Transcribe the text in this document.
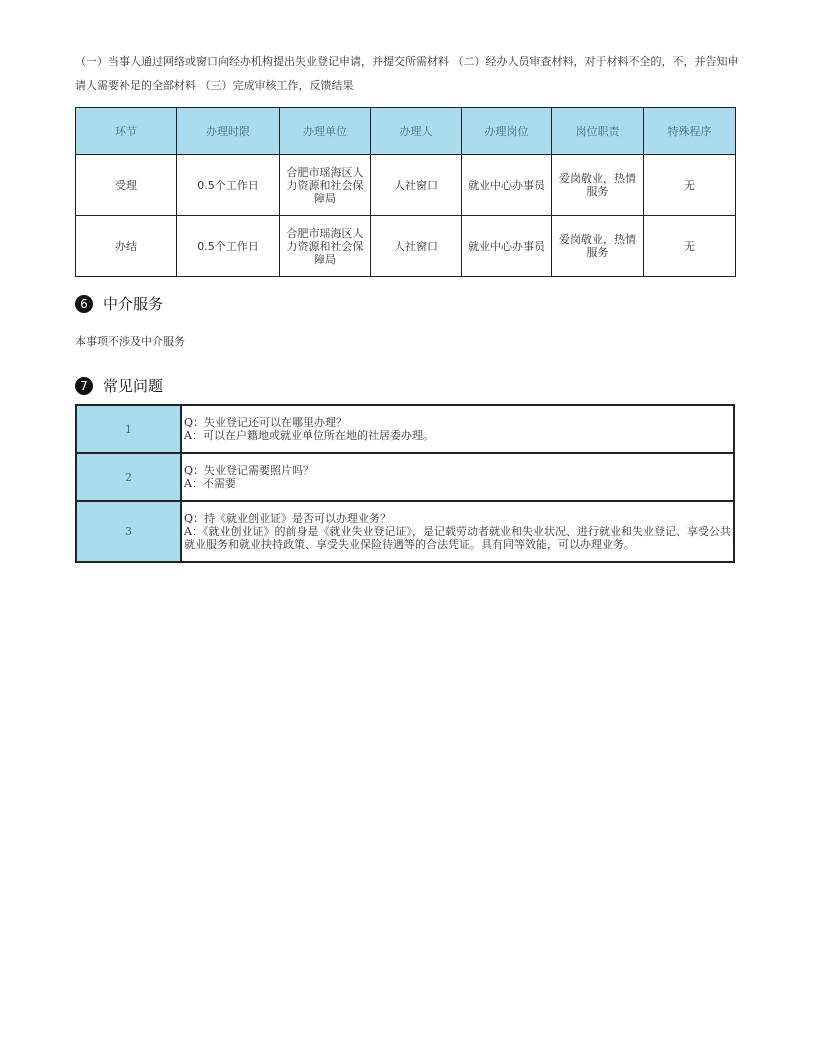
（一）当事人通过网络或窗口向经办机构提出失业登记申请，并提交所需材料 （二）经办人员审查材料，对于材料不全的，不，并告知申请人需要补足的全部材料 （三）完成审核工作，反馈结果
环节	办理时限	办理单位	办理人	办理岗位	岗位职责	特殊程序
受理	0.5个工作日	合肥市瑶海区人力资源和社会保障局	人社窗口	就业中心办事员	爱岗敬业，热情服务	无
办结	0.5个工作日	合肥市瑶海区人力资源和社会保障局	人社窗口	就业中心办事员	爱岗敬业，热情服务	无
6	中介服务
本事项不涉及中介服务
7	常见问题
1	Q：失业登记还可以在哪里办理？
A：可以在户籍地或就业单位所在地的社居委办理。

2	Q：失业登记需要照片吗？
A：不需要

3	Q：持《就业创业证》是否可以办理业务？
A：《就业创业证》的前身是《就业失业登记证》，是记载劳动者就业和失业状况、进行就业和失业登记、享受公共就业服务和就业扶持政策、享受失业保险待遇等的合法凭证。具有同等效能，可以办理业务。
